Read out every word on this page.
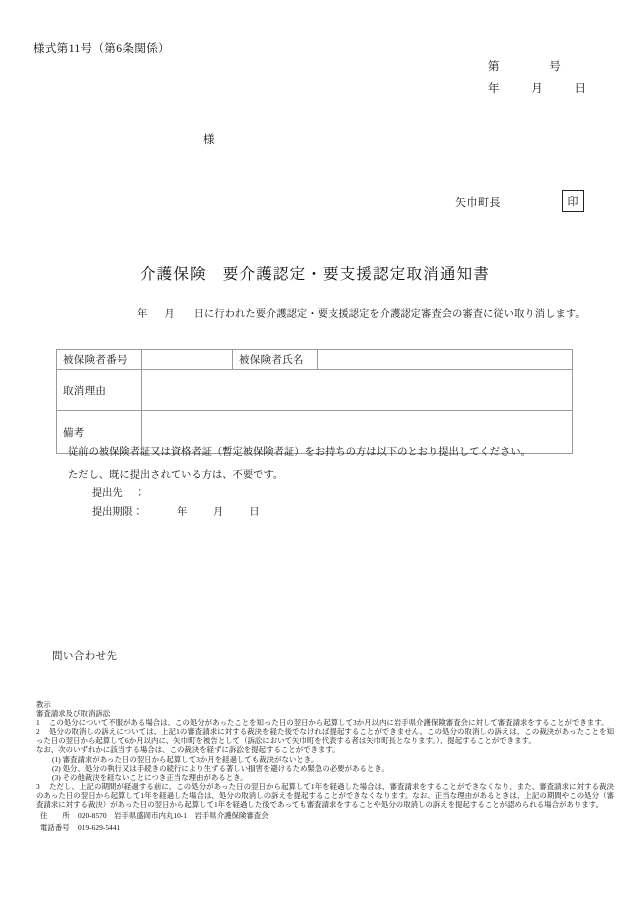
様式第11号（第6条関係）
第	号
年	月	日
様
矢巾町長	印
介護保険 要介護認定・要支援認定取消通知書
年 月 日に行われた要介護認定・要支援認定を介護認定審査会の審査に従い取り消します。
被保険者番号		被保険者氏名	
取消理由			
備考			
従前の被保険者証又は資格者証（暫定被保険者証）をお持ちの方は以下のとおり提出してください。
ただし、既に提出されている方は、不要です。
提出先 ：
提出期限：	年	月	日
問い合わせ先
教示
審査請求及び取消訴訟

1 この処分について不服がある場合は、この処分があったことを知った日の翌日から起算して3か月以内に岩手県介護保険審査会に対して審査請求をすることができます。

2 処分の取消しの訴えについては、上記1の審査請求に対する裁決を経た後でなければ提起することができません。この処分の取消しの訴えは、この裁決があったことを知った日の翌日から起算して6か月以内に、矢巾町を被告として（訴訟において矢巾町を代表する者は矢巾町長となります。）、提起することができます。

なお、次のいずれかに該当する場合は、この裁決を経ずに訴訟を提起することができます。

(1) 審査請求があった日の翌日から起算して3か月を経過しても裁決がないとき。

(2) 処分、処分の執行又は手続きの続行により生ずる著しい損害を避けるため緊急の必要があるとき。

(3) その他裁決を経ないことにつき正当な理由があるとき。

3 ただし、上記の期間が経過する前に、この処分があった日の翌日から起算して1年を経過した場合は、審査請求をすることができなくなり、また、審査請求に対する裁決のあった日の翌日から起算して1年を経過した場合は、処分の取消しの訴えを提起することができなくなります。なお、正当な理由があるときは、上記の期間やこの処分（審査請求に対する裁決）があった日の翌日から起算して1年を経過した後であっても審査請求をすることや処分の取消しの訴えを提起することが認められる場合があります。

住　　所 020-8570　岩手県盛岡市内丸10-1　岩手県介護保険審査会
電話番号 019-629-5441
